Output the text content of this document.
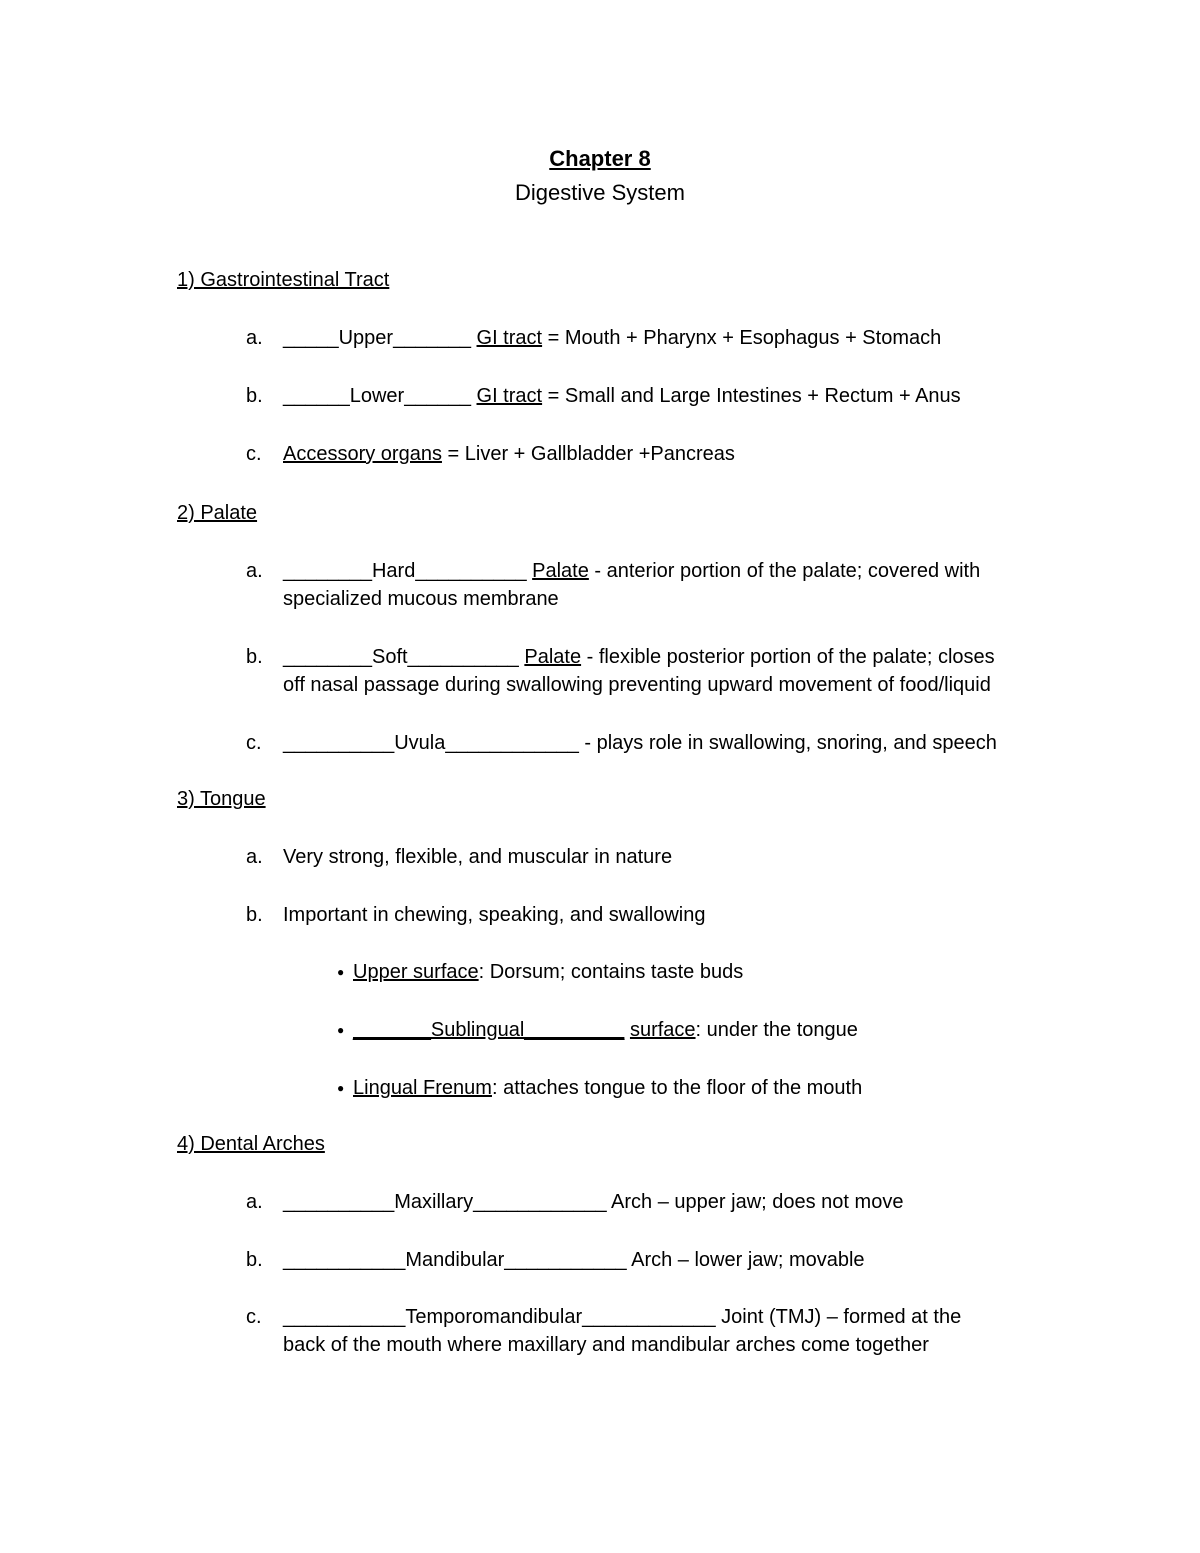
Chapter 8
Digestive System
1) Gastrointestinal Tract
a. _____Upper_______ GI tract = Mouth + Pharynx + Esophagus + Stomach
b. ______Lower______ GI tract = Small and Large Intestines + Rectum + Anus
c. Accessory organs = Liver + Gallbladder +Pancreas
2) Palate
a. ________Hard__________ Palate - anterior portion of the palate; covered with
specialized mucous membrane
b. ________Soft__________ Palate - flexible posterior portion of the palate; closes
off nasal passage during swallowing preventing upward movement of food/liquid
c. __________Uvula____________ - plays role in swallowing, snoring, and speech
3) Tongue
a. Very strong, flexible, and muscular in nature
b. Important in chewing, speaking, and swallowing
● Upper surface: Dorsum; contains taste buds
● _______Sublingual_________ surface: under the tongue
● Lingual Frenum: attaches tongue to the floor of the mouth
4) Dental Arches
a. __________Maxillary____________ Arch – upper jaw; does not move
b. ___________Mandibular___________ Arch – lower jaw; movable
c. ___________Temporomandibular____________ Joint (TMJ) – formed at the
back of the mouth where maxillary and mandibular arches come together
